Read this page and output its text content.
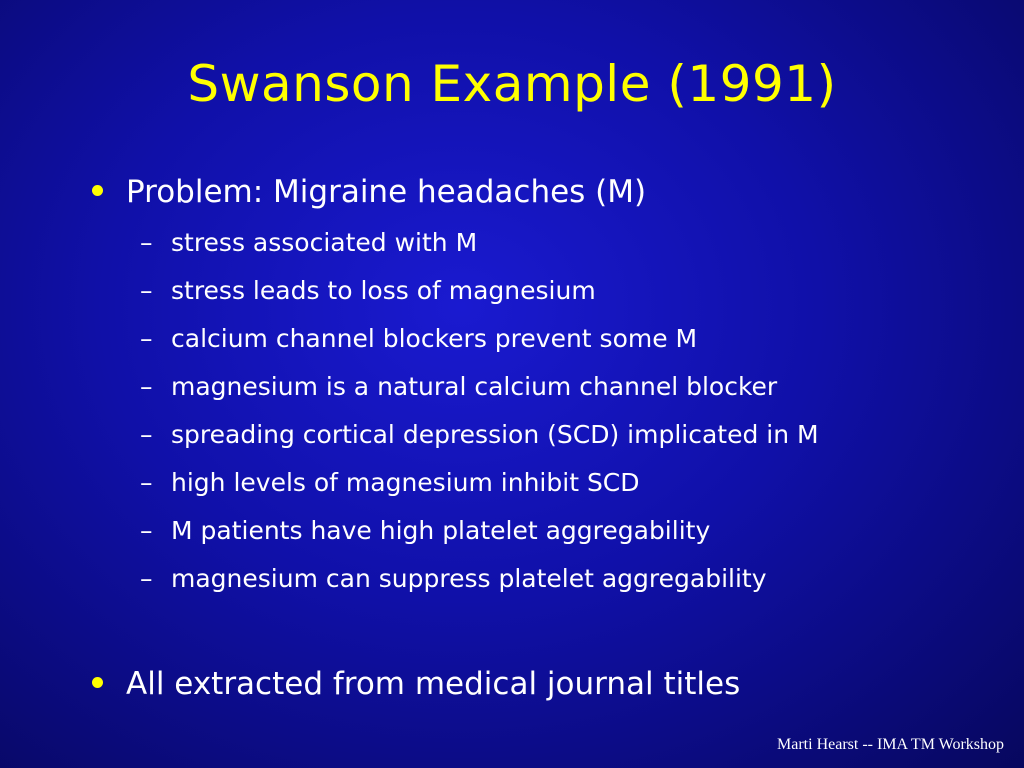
Swanson Example (1991)
Problem: Migraine headaches (M)
– stress associated with M
– stress leads to loss of magnesium
– calcium channel blockers prevent some M
– magnesium is a natural calcium channel blocker
– spreading cortical depression (SCD) implicated in M
– high levels of magnesium inhibit SCD
– M patients have high platelet aggregability
– magnesium can suppress platelet aggregability
All extracted from medical journal titles
Marti Hearst -- IMA TM Workshop
